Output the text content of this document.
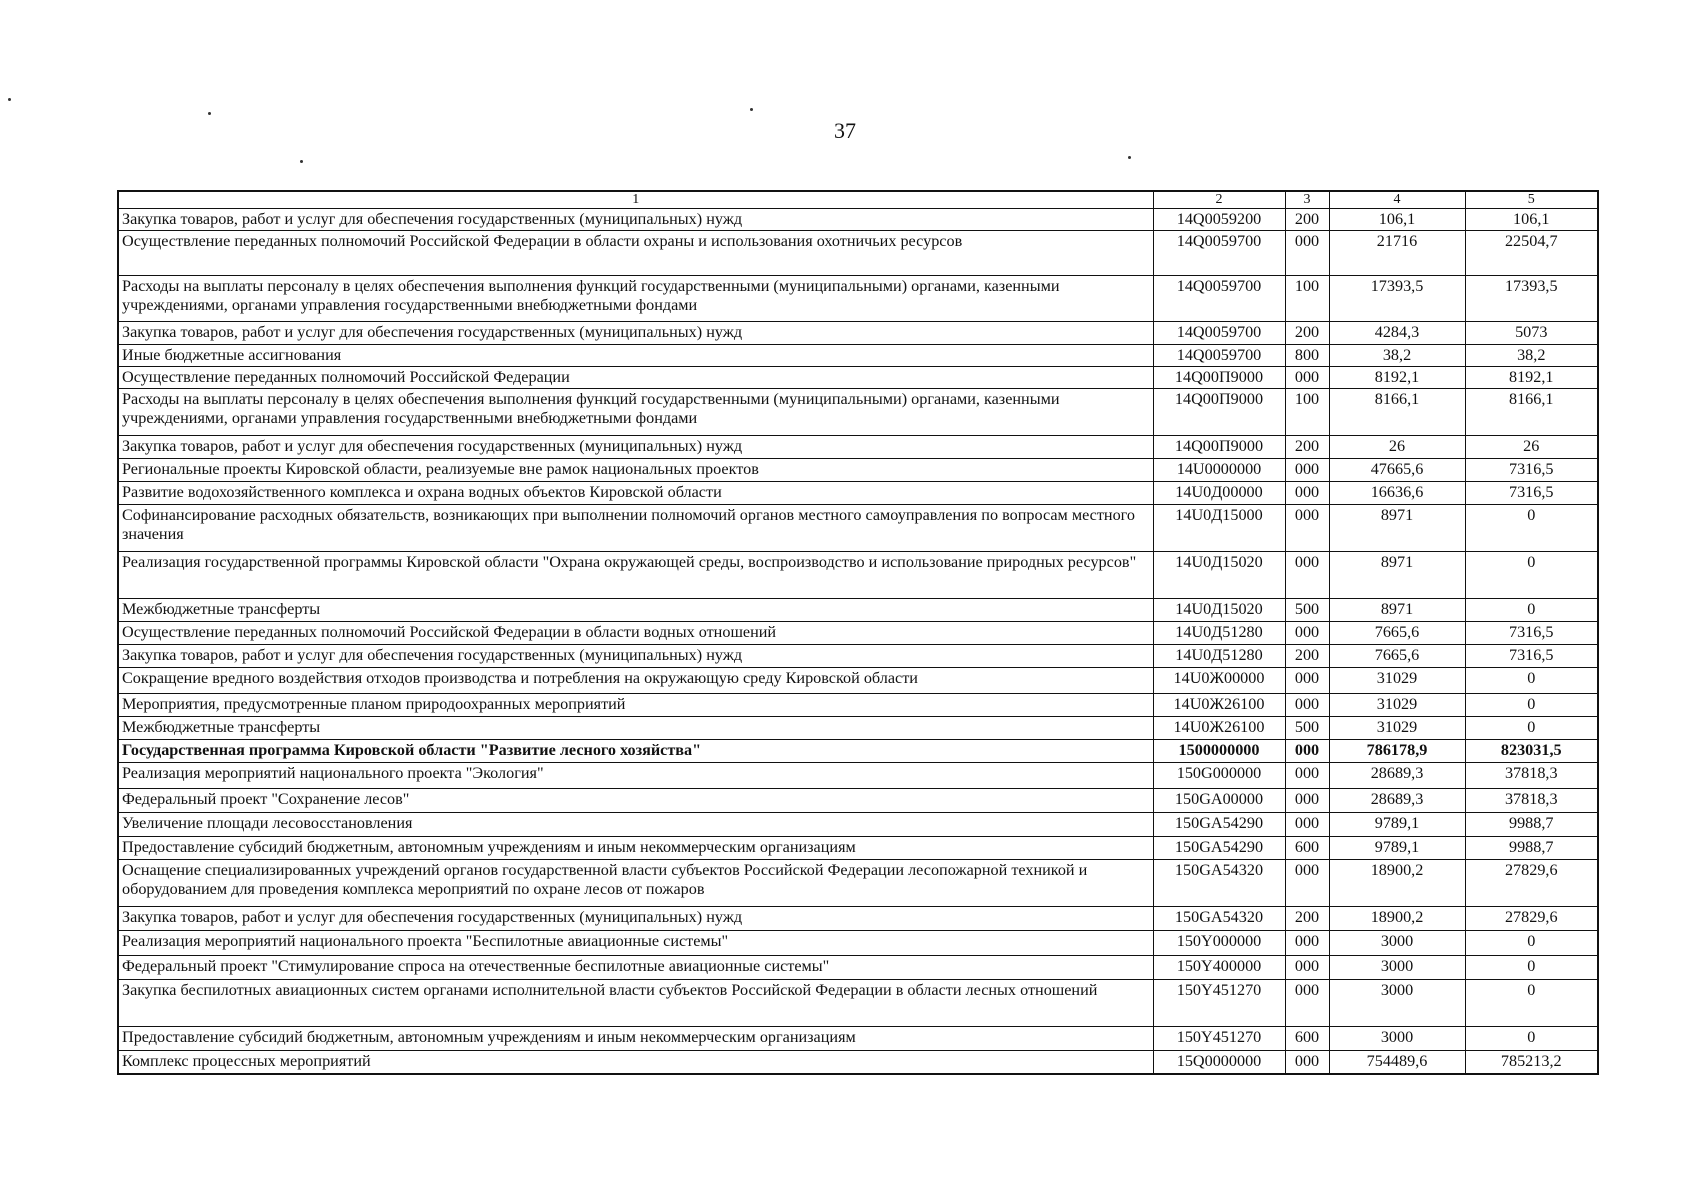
37
1	2	3	4	5
Закупка товаров, работ и услуг для обеспечения государственных (муниципальных) нужд	14Q0059200	200	106,1	106,1
Осуществление переданных полномочий Российской Федерации в области охраны и использования охотничьих ресурсов	14Q0059700	000	21716	22504,7
Расходы на выплаты персоналу в целях обеспечения выполнения функций государственными (муниципальными) органами, казенными учреждениями, органами управления государственными внебюджетными фондами	14Q0059700	100	17393,5	17393,5
Закупка товаров, работ и услуг для обеспечения государственных (муниципальных) нужд	14Q0059700	200	4284,3	5073
Иные бюджетные ассигнования	14Q0059700	800	38,2	38,2
Осуществление переданных полномочий Российской Федерации	14Q00П9000	000	8192,1	8192,1
Расходы на выплаты персоналу в целях обеспечения выполнения функций государственными (муниципальными) органами, казенными учреждениями, органами управления государственными внебюджетными фондами	14Q00П9000	100	8166,1	8166,1
Закупка товаров, работ и услуг для обеспечения государственных (муниципальных) нужд	14Q00П9000	200	26	26
Региональные проекты Кировской области, реализуемые вне рамок национальных проектов	14U0000000	000	47665,6	7316,5
Развитие водохозяйственного комплекса и охрана водных объектов Кировской области	14U0Д00000	000	16636,6	7316,5
Софинансирование расходных обязательств, возникающих при выполнении полномочий органов местного самоуправления по вопросам местного значения	14U0Д15000	000	8971	0
Реализация государственной программы Кировской области "Охрана окружающей среды, воспроизводство и использование природных ресурсов"	14U0Д15020	000	8971	0
Межбюджетные трансферты	14U0Д15020	500	8971	0
Осуществление переданных полномочий Российской Федерации в области водных отношений	14U0Д51280	000	7665,6	7316,5
Закупка товаров, работ и услуг для обеспечения государственных (муниципальных) нужд	14U0Д51280	200	7665,6	7316,5
Сокращение вредного воздействия отходов производства и потребления на окружающую среду Кировской области	14U0Ж00000	000	31029	0
Мероприятия, предусмотренные планом природоохранных мероприятий	14U0Ж26100	000	31029	0
Межбюджетные трансферты	14U0Ж26100	500	31029	0
Государственная программа Кировской области "Развитие лесного хозяйства"	1500000000	000	786178,9	823031,5
Реализация мероприятий национального проекта "Экология"	150G000000	000	28689,3	37818,3
Федеральный проект "Сохранение лесов"	150GA00000	000	28689,3	37818,3
Увеличение площади лесовосстановления	150GA54290	000	9789,1	9988,7
Предоставление субсидий бюджетным, автономным учреждениям и иным некоммерческим организациям	150GA54290	600	9789,1	9988,7
Оснащение специализированных учреждений органов государственной власти субъектов Российской Федерации лесопожарной техникой и оборудованием для проведения комплекса мероприятий по охране лесов от пожаров	150GA54320	000	18900,2	27829,6
Закупка товаров, работ и услуг для обеспечения государственных (муниципальных) нужд	150GA54320	200	18900,2	27829,6
Реализация мероприятий национального проекта "Беспилотные авиационные системы"	150Y000000	000	3000	0
Федеральный проект "Стимулирование спроса на отечественные беспилотные авиационные системы"	150Y400000	000	3000	0
Закупка беспилотных авиационных систем органами исполнительной власти субъектов Российской Федерации в области лесных отношений	150Y451270	000	3000	0
Предоставление субсидий бюджетным, автономным учреждениям и иным некоммерческим организациям	150Y451270	600	3000	0
Комплекс процессных мероприятий	15Q0000000	000	754489,6	785213,2
